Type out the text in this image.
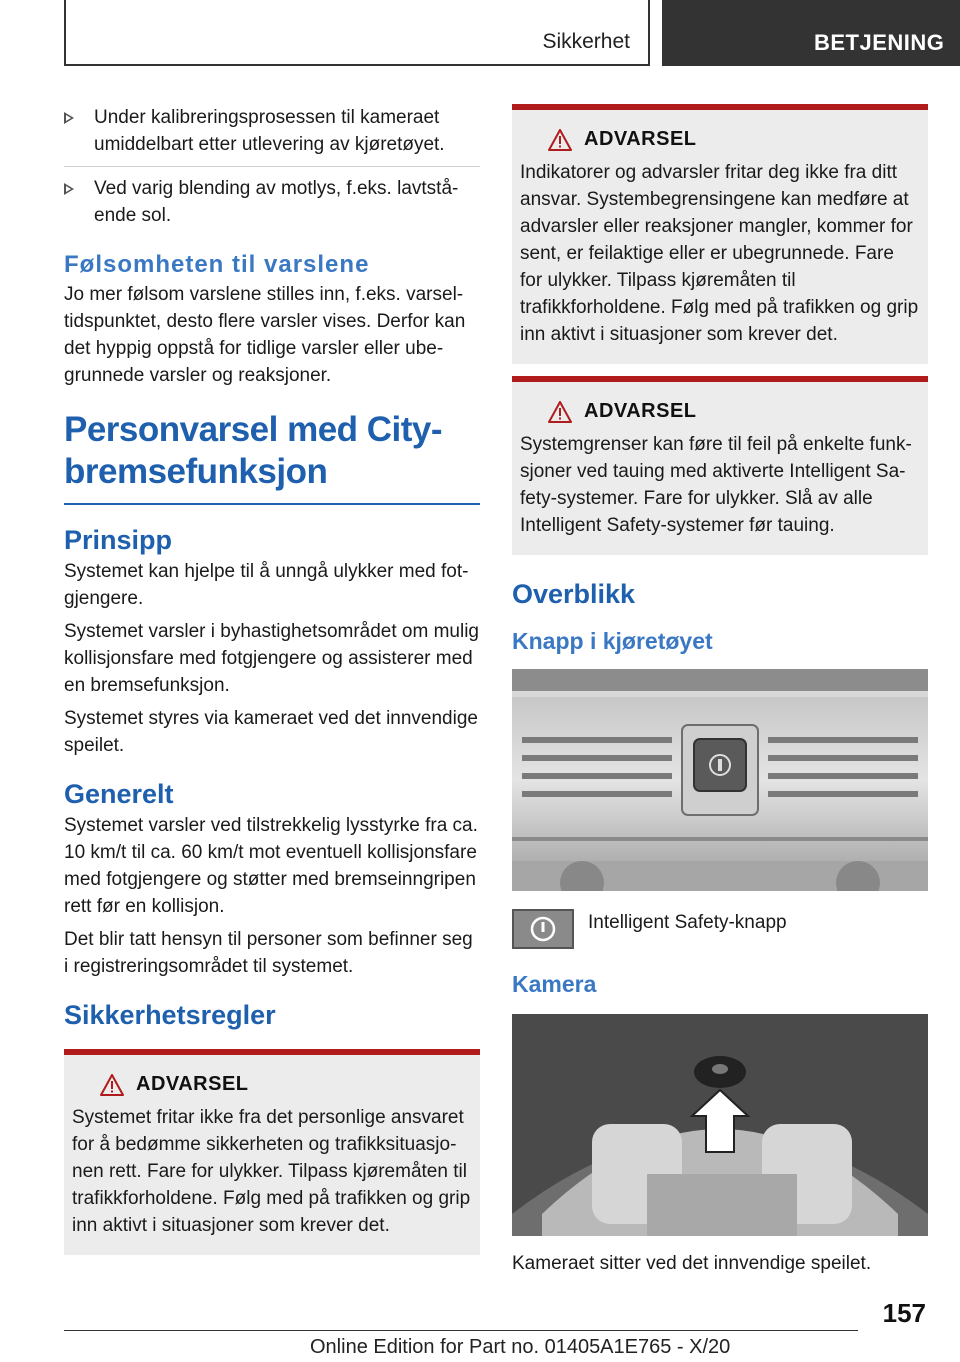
Sikkerhet	BETJENING
Under kalibreringsprosessen til kameraet umiddelbart etter utlevering av kjøretøyet.
Ved varig blending av motlys, f.eks. lavtstående sol.
Følsomheten til varslene

Jo mer følsom varslene stilles inn, f.eks. varseltidspunktet, desto flere varsler vises. Derfor kan det hyppig oppstå for tidlige varsler eller ubegrunnede varsler og reaksjoner.

Personvarsel med City-bremsefunksjon
Prinsipp

Systemet kan hjelpe til å unngå ulykker med fotgjengere.

Systemet varsler i byhastighetsområdet om mulig kollisjonsfare med fotgjengere og assisterer med en bremsefunksjon.

Systemet styres via kameraet ved det innvendige speilet.

Generelt

Systemet varsler ved tilstrekkelig lysstyrke fra ca. 10 km/t til ca. 60 km/t mot eventuell kollisjonsfare med fotgjengere og støtter med bremseinngripen rett før en kollisjon.

Det blir tatt hensyn til personer som befinner seg i registreringsområdet til systemet.

Sikkerhetsregler
ADVARSEL

Systemet fritar ikke fra det personlige ansvaret for å bedømme sikkerheten og trafikksituasjonen rett. Fare for ulykker. Tilpass kjøremåten til trafikkforholdene. Følg med på trafikken og grip inn aktivt i situasjoner som krever det.

ADVARSEL

Indikatorer og advarsler fritar deg ikke fra ditt ansvar. Systembegrensingene kan medføre at advarsler eller reaksjoner mangler, kommer for sent, er feilaktige eller er ubegrunnede. Fare for ulykker. Tilpass kjøremåten til trafikkforholdene. Følg med på trafikken og grip inn aktivt i situasjoner som krever det.

ADVARSEL

Systemgrenser kan føre til feil på enkelte funksjoner ved tauing med aktiverte Intelligent Safety-systemer. Fare for ulykker. Slå av alle Intelligent Safety-systemer før tauing.

Overblikk
Knapp i kjøretøyet

Intelligent Safety-knapp

Kamera

Kameraet sitter ved det innvendige speilet.

157
Online Edition for Part no. 01405A1E765 - X/20
